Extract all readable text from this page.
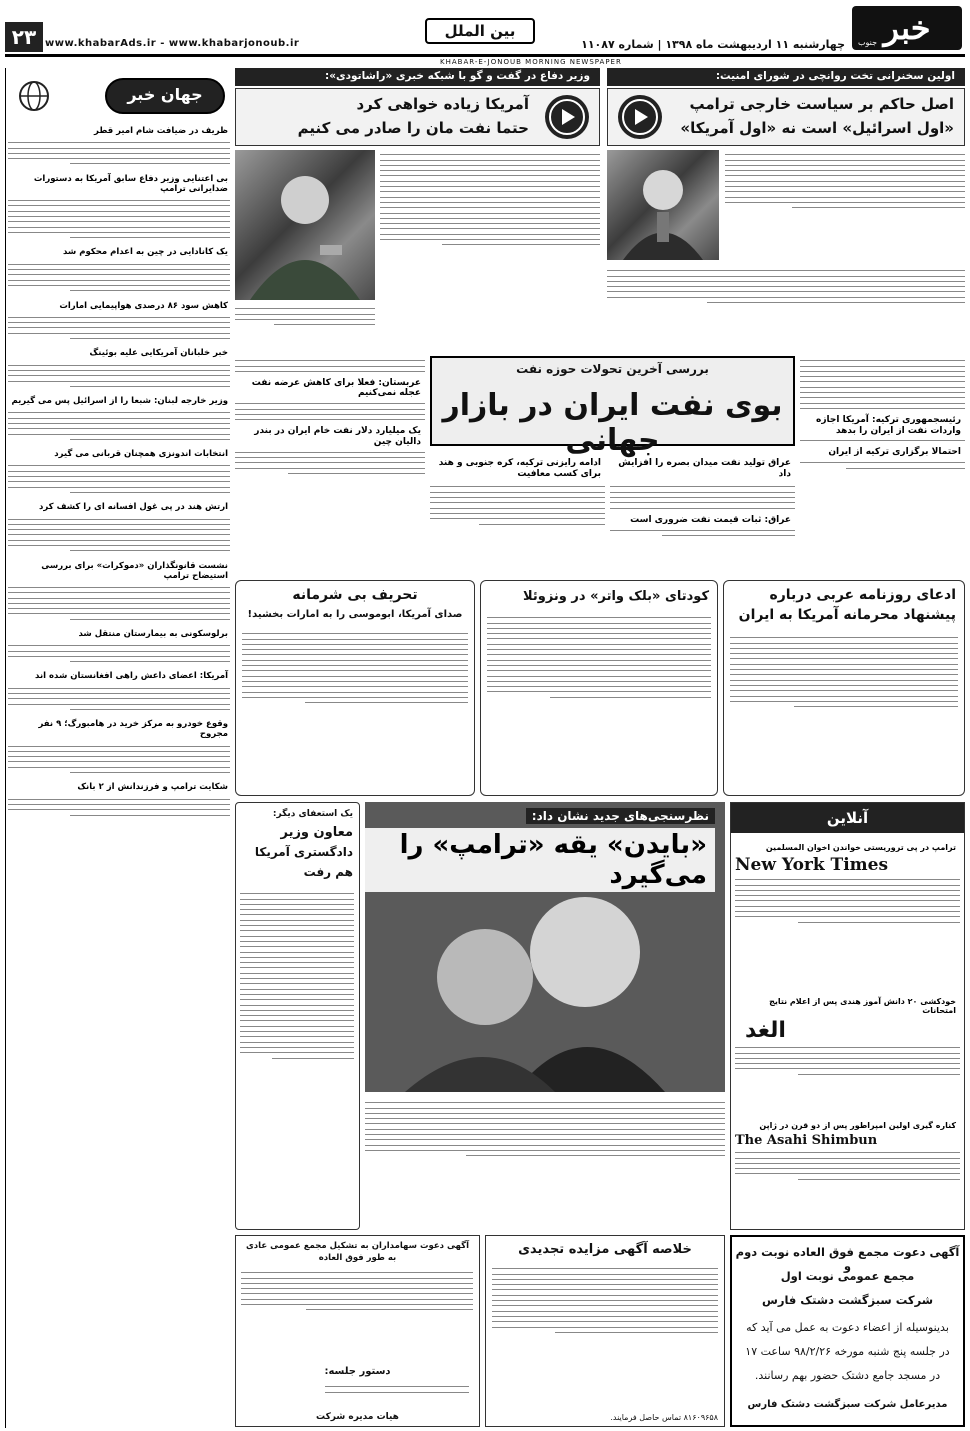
خبر
جنوب
چهارشنبه ۱۱ اردیبهشت ماه ۱۳۹۸ | شماره ۱۱۰۸۷
بین الملل
www.khabarAds.ir - www.khabarjonoub.ir
۲۳
KHABAR-E-JONOUB MORNING NEWSPAPER
اولین سخنرانی تخت روانچی در شورای امنیت:
اصل حاکم بر سیاست خارجی ترامپ
«اول اسرائیل» است نه «اول آمریکا»
وزیر دفاع در گفت و گو با شبکه خبری «راشاتودی»:
آمریکا زیاده خواهی کرد
حتما نفت مان را صادر می کنیم
جهان خبر
ظریف در ضیافت شام امیر قطر
بی اعتنایی وزیر دفاع سابق آمریکا به دستورات ضدایرانی ترامپ
یک کانادایی در چین به اعدام محکوم شد
کاهش سود ۸۶ درصدی هواپیمایی امارات
خبر خلبانان آمریکایی علیه بوئینگ
وزیر خارجه لبنان: شبعا را از اسرائیل پس می گیریم
انتخابات اندونزی همچنان قربانی می گیرد
ارتش هند در پی غول افسانه ای را کشف کرد
نشست قانونگذاران «دموکرات» برای بررسی استیضاح ترامپ
برلوسکونی به بیمارستان منتقل شد
آمریکا: اعضای داعش راهی افغانستان شده اند
وقوع خودرو به مرکز خرید در هامبورگ؛ ۹ نفر مجروح
شکایت ترامپ و فرزندانش از ۲ بانک
بررسی آخرین تحولات حوزه نفت
بوی نفت ایران در بازار جهانی
ادامه رایزنی ترکیه، کره جنوبی و هند برای کسب معافیت
عراق تولید نفت میدان بصره را افزایش داد
عراق: ثبات قیمت نفت ضروری است
عربستان: فعلا برای کاهش عرضه نفت عجله نمی‌کنیم
یک میلیارد دلار نفت خام ایران در بندر دالیان چین
رئیسجمهوری ترکیه: آمریکا اجازه واردات نفت از ایران را بدهد
احتمالا برگزاری ترکیه از ایران
ادعای روزنامه عربی درباره
پیشنهاد محرمانه آمریکا به ایران
کودتای «بلک واتر» در ونزوئلا
تحریف بی شرمانه
صدای آمریکا، ابوموسی را به امارات بخشید!
آنلاین
ترامپ در پی تروریستی خواندن اخوان المسلمین
New York Times
خودکشی ۲۰ دانش آموز هندی پس از اعلام نتایج امتحانات
الغد
کناره گیری اولین امپراطور پس از دو قرن در ژاپن
The Asahi Shimbun
نظرسنجی‌های جدید نشان داد:
«بایدن» یقه «ترامپ» را می‌گیرد
یک استعفای دیگر:
معاون وزیر
دادگستری آمریکا
هم رفت
خلاصه آگهی مزایده تجدیدی
۸۱۶۰۹۶۵۸ تماس حاصل فرمایند.
آگهی دعوت سهامداران به تشکیل مجمع عمومی عادی به طور فوق العاده
دستور جلسه:
هیات مدیره شرکت
آگهی دعوت مجمع فوق العاده نوبت دوم و
مجمع عمومی نوبت اول
شرکت سبزگشت دشتک فارس
بدینوسیله از اعضاء دعوت به عمل می آید که
در جلسه پنج شنبه مورخه ۹۸/۲/۲۶ ساعت ۱۷
در مسجد جامع دشتک حضور بهم رسانند.
مدیرعامل شرکت سبزگشت دشتک فارس
